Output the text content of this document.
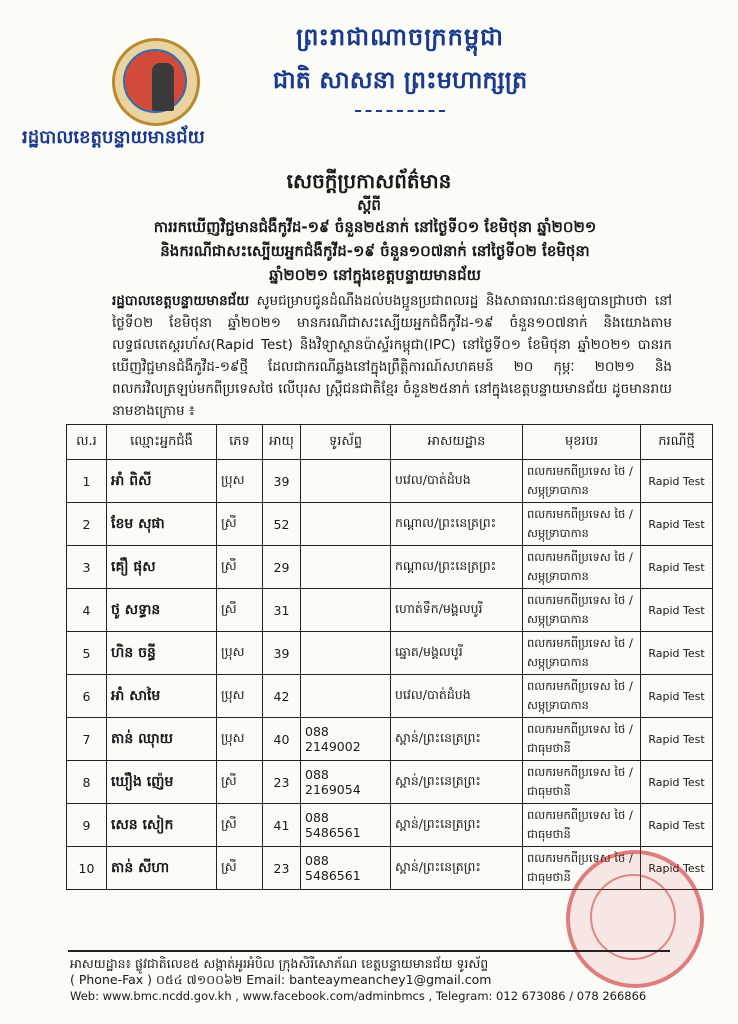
ព្រះរាជាណាចក្រកម្ពុជា
ជាតិ សាសនា ព្រះមហាក្សត្រ
រដ្ឋបាលខេត្តបន្ទាយមានជ័យ
សេចក្តីប្រកាសព័ត៌មាន
ស្តីពី
ការរកឃើញវិជ្ជមានជំងឺកូវីដ-១៩ ចំនួន២៥នាក់ នៅថ្ងៃទី០១ ខែមិថុនា ឆ្នាំ២០២១
និងករណីជាសះស្បើយអ្នកជំងឺកូវីដ-១៩ ចំនួន១០៧នាក់ នៅថ្ងៃទី០២ ខែមិថុនា
ឆ្នាំ២០២១ នៅក្នុងខេត្តបន្ទាយមានជ័យ
រដ្ឋបាលខេត្តបន្ទាយមានជ័យ សូមជម្រាបជូនដំណឹងដល់បងប្អូនប្រជាពលរដ្ឋ និងសាធារណៈជនឲ្យបានជ្រាបថា នៅថ្ងៃទី០២ ខែមិថុនា ឆ្នាំ២០២១ មានករណីជាសះស្បើយអ្នកជំងឺកូវីដ-១៩ ចំនួន១០៧នាក់ និងយោងតាមលទ្ធផលតេស្តរហ័ស(Rapid Test) និងវិទ្យាស្ថានប៉ាស្ទ័រកម្ពុជា(IPC) នៅថ្ងៃទី០១ ខែមិថុនា ឆ្នាំ២០២១ បានរកឃើញវិជ្ជមានជំងឺកូវីដ-១៩ថ្មី ដែលជាករណីឆ្លងនៅក្នុងព្រឹត្តិការណ៍សហគមន៍ ២០ កុម្ភៈ ២០២១ និងពលករវិលត្រឡប់មកពីប្រទេសថៃ លើបុរស ស្ត្រីជនជាតិខ្មែរ ចំនួន២៥នាក់ នៅក្នុងខេត្តបន្ទាយមានជ័យ ដូចមានរាយនាមខាងក្រោម ៖
ល.រ	ឈ្មោះអ្នកជំងឺ	ភេទ	អាយុ	ទូរស័ព្ទ	អាសយដ្ឋាន	មុខរបរ	ករណីថ្មី
1	អាំ ពិសី	ប្រុស	39		បវេល/បាត់ដំបង	ពលករមកពីប្រទេស ថៃ / សម្ភុទ្រាបាកាន	Rapid Test
2	ខែម សុផា	ស្រី	52		កណ្តាល/ព្រះនេត្រព្រះ	ពលករមកពីប្រទេស ថៃ / សម្ភុទ្រាបាកាន	Rapid Test
3	គឿ ផុស	ស្រី	29		កណ្តាល/ព្រះនេត្រព្រះ	ពលករមកពីប្រទេស ថៃ / សម្ភុទ្រាបាកាន	Rapid Test
4	ថូ សទ្ធាន	ស្រី	31		ហោត់ទឹក/មង្គលបូរី	ពលករមកពីប្រទេស ថៃ / សម្ភុទ្រាបាកាន	Rapid Test
5	ហិន ចន្ធី	ប្រុស	39		ឆ្នោត/មង្គលបូរី	ពលករមកពីប្រទេស ថៃ / សម្ភុទ្រាបាកាន	Rapid Test
6	អាំ សាមៃ	ប្រុស	42		បវេល/បាត់ដំបង	ពលករមកពីប្រទេស ថៃ / សម្ភុទ្រាបាកាន	Rapid Test
7	តាន់ ឈុាយ	ប្រុស	40	088 2149002	ស្ពាន់/ព្រះនេត្រព្រះ	ពលករមកពីប្រទេស ថៃ / ជាធុមថានី	Rapid Test
8	ឃឿង ញ៉េម	ស្រី	23	088 2169054	ស្ពាន់/ព្រះនេត្រព្រះ	ពលករមកពីប្រទេស ថៃ / ជាធុមថានី	Rapid Test
9	សេន សៀក	ស្រី	41	088 5486561	ស្ពាន់/ព្រះនេត្រព្រះ	ពលករមកពីប្រទេស ថៃ / ជាធុមថានី	Rapid Test
10	តាន់ សីហា	ស្រី	23	088 5486561	ស្ពាន់/ព្រះនេត្រព្រះ	ពលករមកពីប្រទេស ថៃ / ជាធុមថានី	Rapid Test
អាសយដ្ឋាន៖ ផ្លូវជាតិលេខ៥ សង្កាត់អូរអំបិល ក្រុងសិរីសោភ័ណ ខេត្តបន្ទាយមានជ័យ ទូរស័ព្ទ
( Phone-Fax ) ០៥៤ ៧១០០៦២ Email: banteaymeanchey1@gmail.com
Web: www.bmc.ncdd.gov.kh , www.facebook.com/adminbmcs , Telegram: 012 673086 / 078 266866
